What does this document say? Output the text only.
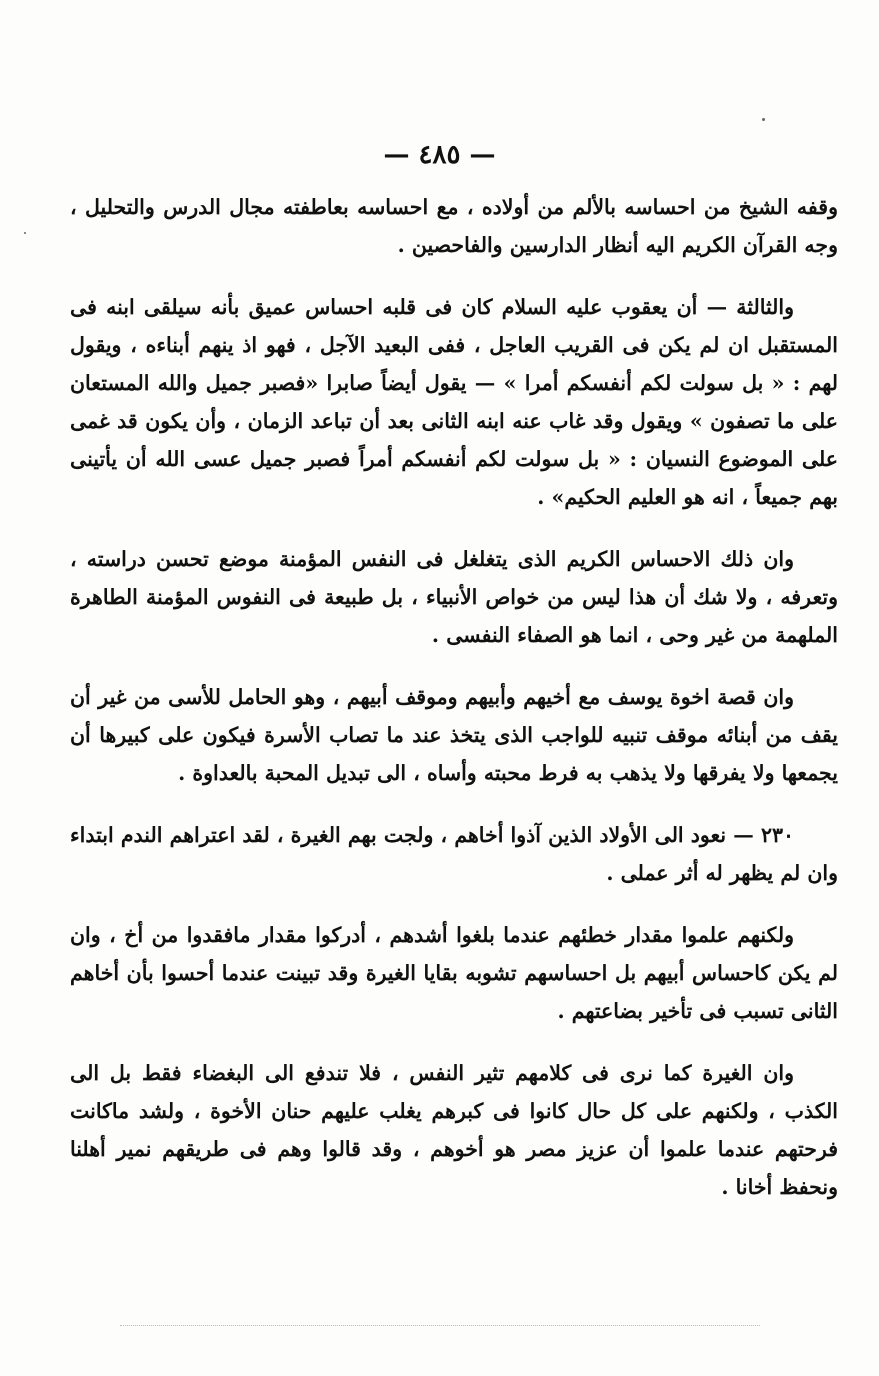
— ٤٨٥ —

وقفه الشيخ من احساسه بالألم من أولاده ، مع احساسه بعاطفته مجال الدرس والتحليل ، وجه القرآن الكريم اليه أنظار الدارسين والفاحصين .

والثالثة — أن يعقوب عليه السلام كان فى قلبه احساس عميق بأنه سيلقى ابنه فى المستقبل ان لم يكن فى القريب العاجل ، ففى البعيد الآجل ، فهو اذ ينهم أبناءه ، ويقول لهم : « بل سولت لكم أنفسكم أمرا » — يقول أيضاً صابرا «فصبر جميل والله المستعان على ما تصفون » ويقول وقد غاب عنه ابنه الثانى بعد أن تباعد الزمان ، وأن يكون قد غمى على الموضوع النسيان : « بل سولت لكم أنفسكم أمراً فصبر جميل عسى الله أن يأتينى بهم جميعاً ، انه هو العليم الحكيم» .

وان ذلك الاحساس الكريم الذى يتغلغل فى النفس المؤمنة موضع تحسن دراسته ، وتعرفه ، ولا شك أن هذا ليس من خواص الأنبياء ، بل طبيعة فى النفوس المؤمنة الطاهرة الملهمة من غير وحى ، انما هو الصفاء النفسى .

وان قصة اخوة يوسف مع أخيهم وأبيهم وموقف أبيهم ، وهو الحامل للأسى من غير أن يقف من أبنائه موقف تنبيه للواجب الذى يتخذ عند ما تصاب الأسرة فيكون على كبيرها أن يجمعها ولا يفرقها ولا يذهب به فرط محبته وأساه ، الى تبديل المحبة بالعداوة .

٢٣٠ — نعود الى الأولاد الذين آذوا أخاهم ، ولجت بهم الغيرة ، لقد اعتراهم الندم ابتداء وان لم يظهر له أثر عملى .

ولكنهم علموا مقدار خطئهم عندما بلغوا أشدهم ، أدركوا مقدار مافقدوا من أخ ، وان لم يكن كاحساس أبيهم بل احساسهم تشوبه بقايا الغيرة وقد تبينت عندما أحسوا بأن أخاهم الثانى تسبب فى تأخير بضاعتهم .

وان الغيرة كما نرى فى كلامهم تثير النفس ، فلا تندفع الى البغضاء فقط بل الى الكذب ، ولكنهم على كل حال كانوا فى كبرهم يغلب عليهم حنان الأخوة ، ولشد ماكانت فرحتهم عندما علموا أن عزيز مصر هو أخوهم ، وقد قالوا وهم فى طريقهم نمير أهلنا ونحفظ أخانا .
